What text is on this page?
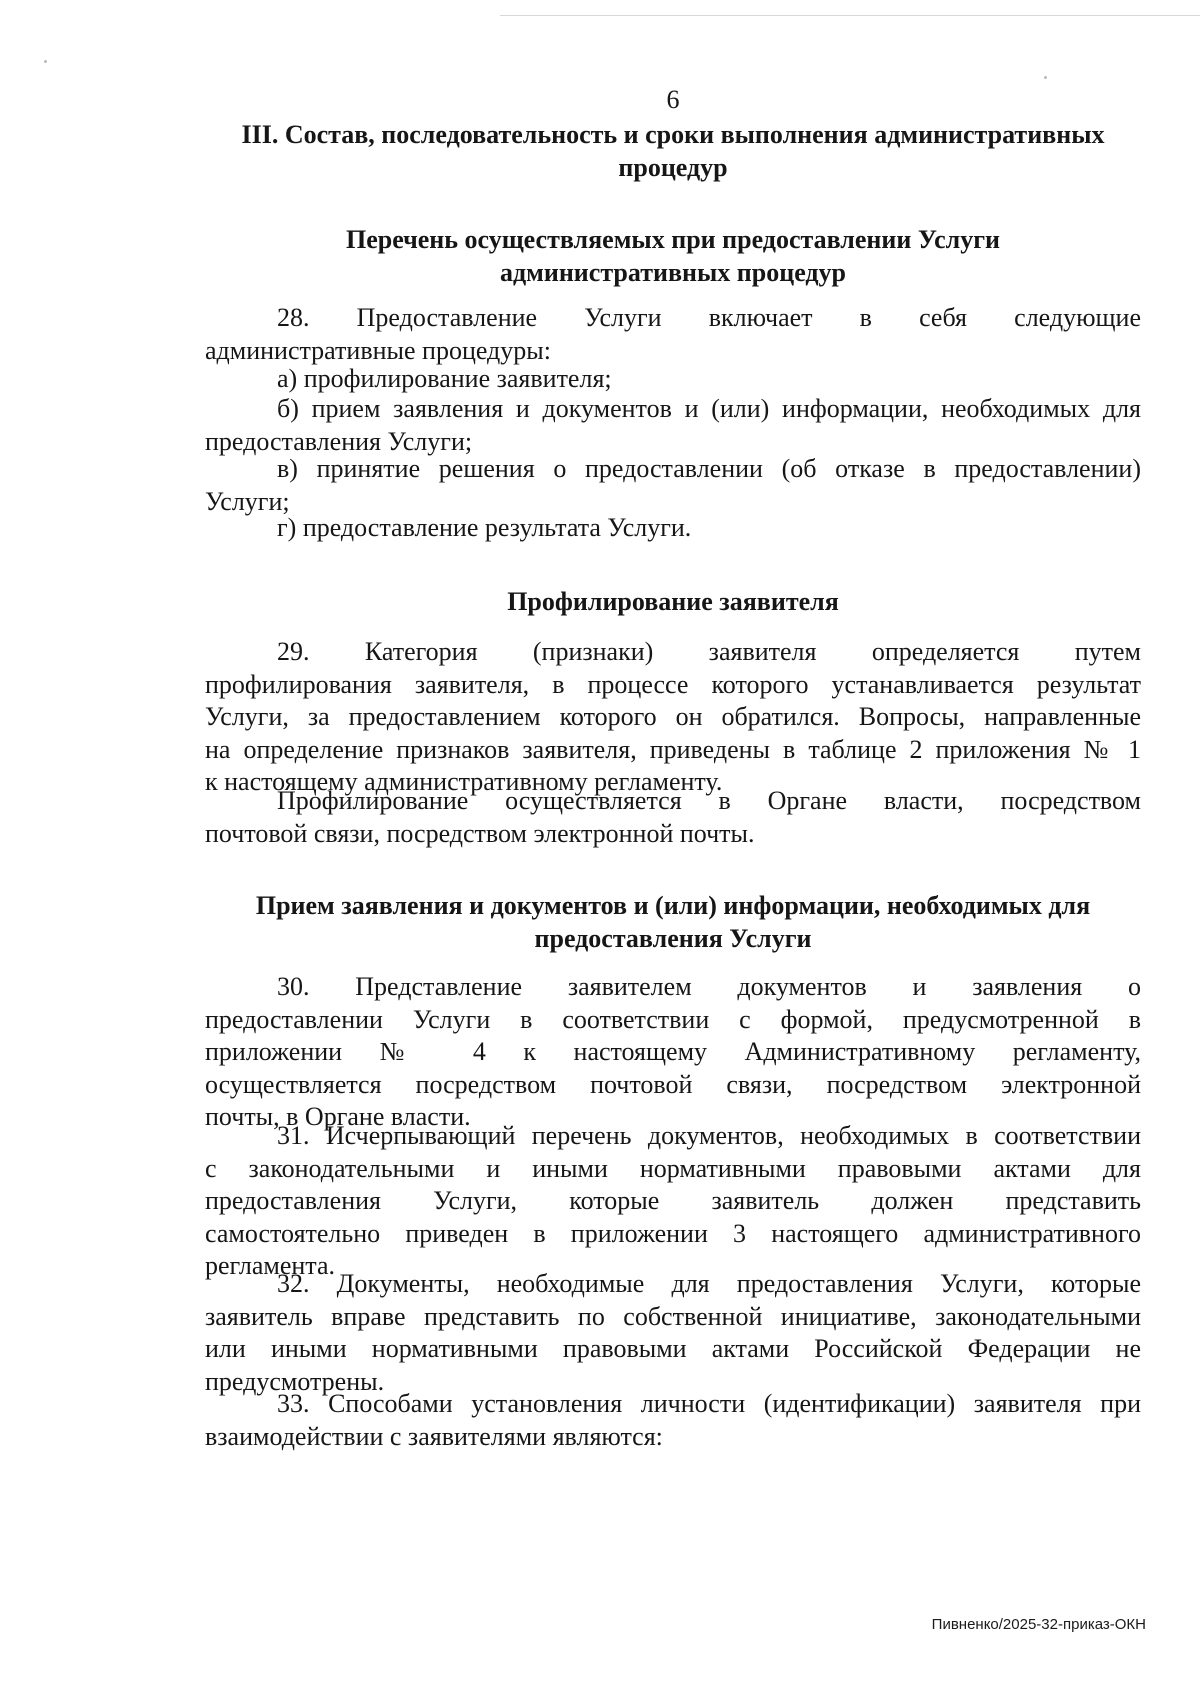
6
III. Состав, последовательность и сроки выполнения административных
процедур
Перечень осуществляемых при предоставлении Услуги
административных процедур
28. Предоставление Услуги включает в себя следующие
административные процедуры:
а) профилирование заявителя;
б) прием заявления и документов и (или) информации, необходимых для
предоставления Услуги;
в) принятие решения о предоставлении (об отказе в предоставлении)
Услуги;
г) предоставление результата Услуги.
Профилирование заявителя
29. Категория (признаки) заявителя определяется путем
профилирования заявителя, в процессе которого устанавливается результат
Услуги, за предоставлением которого он обратился. Вопросы, направленные
на определение признаков заявителя, приведены в таблице 2 приложения № 1
к настоящему административному регламенту.
Профилирование осуществляется в Органе власти, посредством
почтовой связи, посредством электронной почты.
Прием заявления и документов и (или) информации, необходимых для
предоставления Услуги
30. Представление заявителем документов и заявления о
предоставлении Услуги в соответствии с формой, предусмотренной в
приложении № 4 к настоящему Административному регламенту,
осуществляется посредством почтовой связи, посредством электронной
почты, в Органе власти.
31. Исчерпывающий перечень документов, необходимых в соответствии
с законодательными и иными нормативными правовыми актами для
предоставления Услуги, которые заявитель должен представить
самостоятельно приведен в приложении 3 настоящего административного
регламента.
32. Документы, необходимые для предоставления Услуги, которые
заявитель вправе представить по собственной инициативе, законодательными
или иными нормативными правовыми актами Российской Федерации не
предусмотрены.
33. Способами установления личности (идентификации) заявителя при
взаимодействии с заявителями являются:
Пивненко/2025-32-приказ-ОКН
